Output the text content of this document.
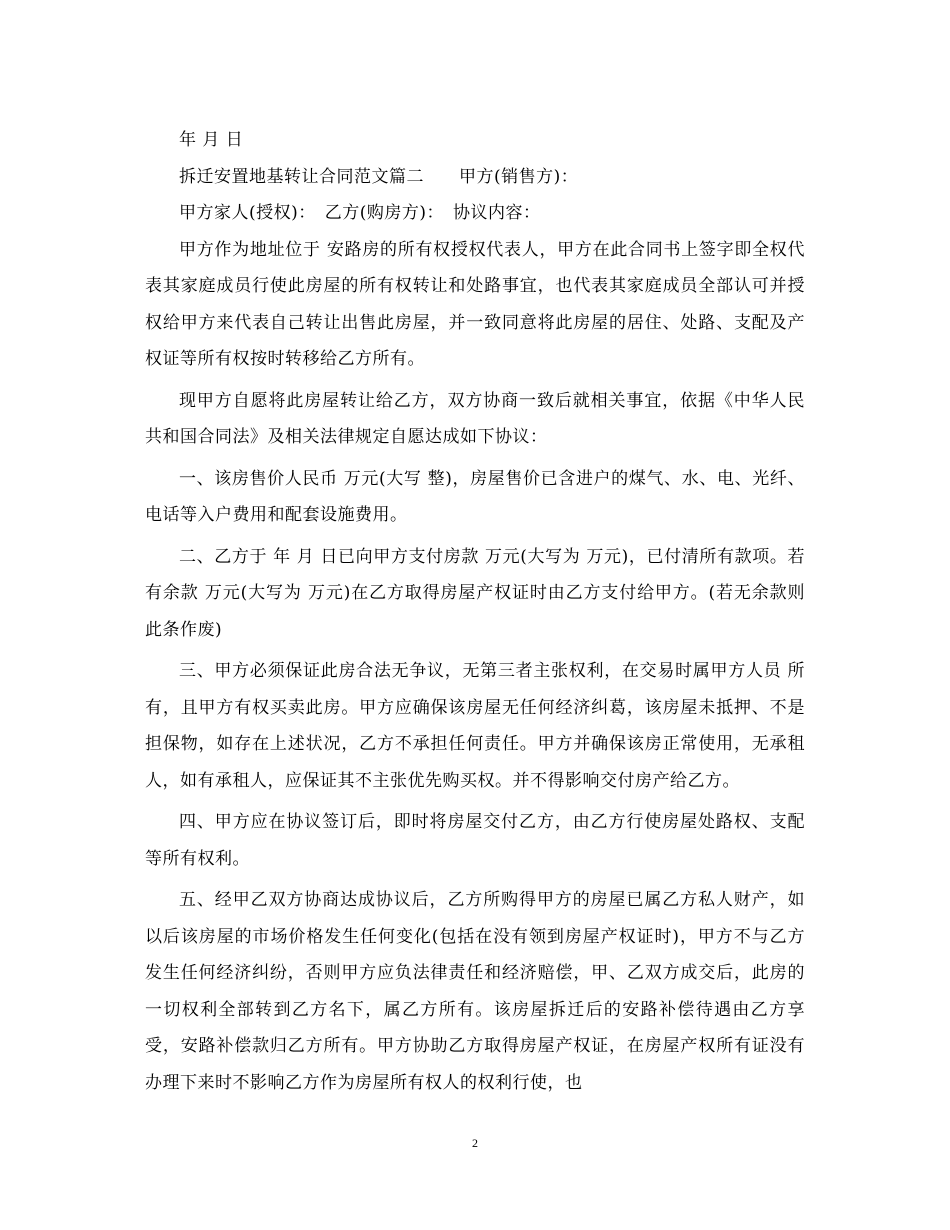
年 月 日

拆迁安置地基转让合同范文篇二　　甲方(销售方)：

甲方家人(授权)：　乙方(购房方)：　协议内容：

甲方作为地址位于 安路房的所有权授权代表人，甲方在此合同书上签字即全权代表其家庭成员行使此房屋的所有权转让和处路事宜，也代表其家庭成员全部认可并授权给甲方来代表自己转让出售此房屋，并一致同意将此房屋的居住、处路、支配及产权证等所有权按时转移给乙方所有。

现甲方自愿将此房屋转让给乙方，双方协商一致后就相关事宜，依据《中华人民共和国合同法》及相关法律规定自愿达成如下协议：

一、该房售价人民币 万元(大写 整)，房屋售价已含进户的煤气、水、电、光纤、电话等入户费用和配套设施费用。

二、乙方于 年 月 日已向甲方支付房款 万元(大写为 万元)，已付清所有款项。若有余款 万元(大写为 万元)在乙方取得房屋产权证时由乙方支付给甲方。(若无余款则此条作废)

三、甲方必须保证此房合法无争议，无第三者主张权利，在交易时属甲方人员 所有，且甲方有权买卖此房。甲方应确保该房屋无任何经济纠葛，该房屋未抵押、不是担保物，如存在上述状况，乙方不承担任何责任。甲方并确保该房正常使用，无承租人，如有承租人，应保证其不主张优先购买权。并不得影响交付房产给乙方。

四、甲方应在协议签订后，即时将房屋交付乙方，由乙方行使房屋处路权、支配等所有权利。

五、经甲乙双方协商达成协议后，乙方所购得甲方的房屋已属乙方私人财产，如以后该房屋的市场价格发生任何变化(包括在没有领到房屋产权证时)，甲方不与乙方发生任何经济纠纷，否则甲方应负法律责任和经济赔偿，甲、乙双方成交后，此房的一切权利全部转到乙方名下，属乙方所有。该房屋拆迁后的安路补偿待遇由乙方享受，安路补偿款归乙方所有。甲方协助乙方取得房屋产权证，在房屋产权所有证没有办理下来时不影响乙方作为房屋所有权人的权利行使，也

2
